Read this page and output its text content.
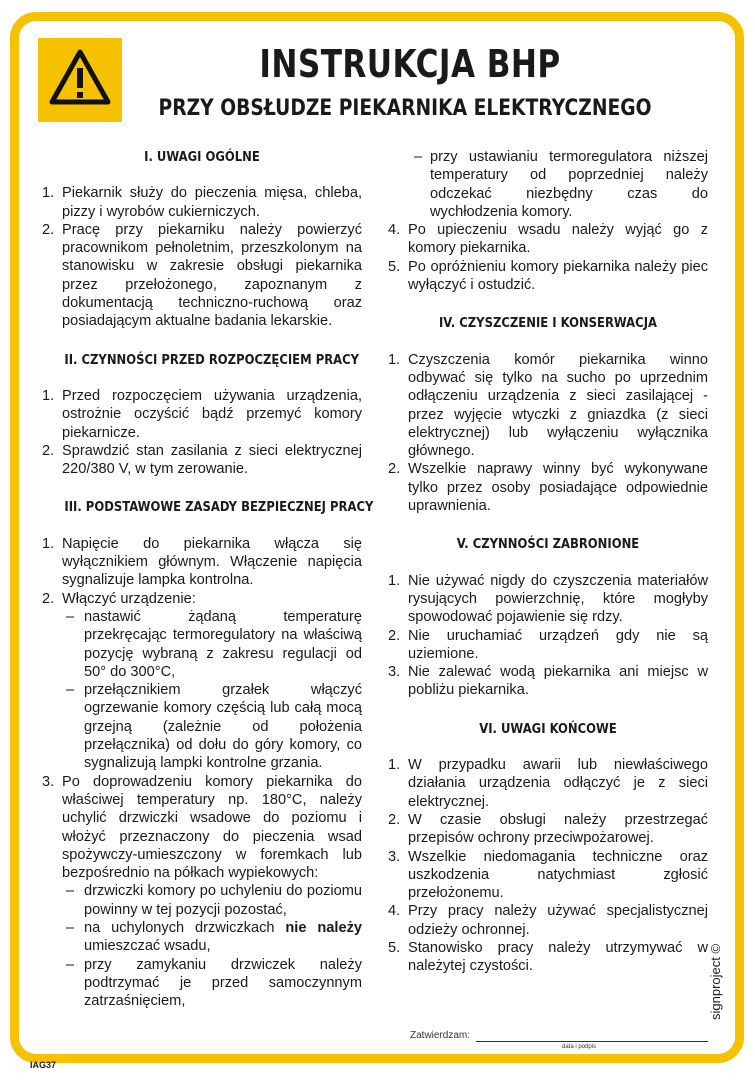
INSTRUKCJA BHP
PRZY OBSŁUDZE PIEKARNIKA ELEKTRYCZNEGO
I. UWAGI OGÓLNE
1. Piekarnik służy do pieczenia mięsa, chleba, pizzy i wyrobów cukierniczych.
2. Pracę przy piekarniku należy powierzyć pracownikom pełnoletnim, przeszkolonym na stanowisku w zakresie obsługi piekarnika przez przełożonego, zapoznanym z dokumentacją techniczno-ruchową oraz posiadającym aktualne badania lekarskie.
II. CZYNNOŚCI PRZED ROZPOCZĘCIEM PRACY
1. Przed rozpoczęciem używania urządzenia, ostrożnie oczyścić bądź przemyć komory piekarnicze.
2. Sprawdzić stan zasilania z sieci elektrycznej 220/380 V, w tym zerowanie.
III. PODSTAWOWE ZASADY BEZPIECZNEJ PRACY
1. Napięcie do piekarnika włącza się wyłącznikiem głównym. Włączenie napięcia sygnalizuje lampka kontrolna.
2. Włączyć urządzenie:
– nastawić żądaną temperaturę przekręcając termoregulatory na właściwą pozycję wybraną z zakresu regulacji od 50° do 300°C,
– przełącznikiem grzałek włączyć ogrzewanie komory częścią lub całą mocą grzejną (zależnie od położenia przełącznika) od dołu do góry komory, co sygnalizują lampki kontrolne grzania.
3. Po doprowadzeniu komory piekarnika do właściwej temperatury np. 180°C, należy uchylić drzwiczki wsadowe do poziomu i włożyć przeznaczony do pieczenia wsad spożywczy-umieszczony w foremkach lub bezpośrednio na półkach wypiekowych:
– drzwiczki komory po uchyleniu do poziomu powinny w tej pozycji pozostać,
– na uchylonych drzwiczkach nie należy umieszczać wsadu,
– przy zamykaniu drzwiczek należy podtrzymać je przed samoczynnym zatrzaśnięciem,
– przy ustawianiu termoregulatora niższej temperatury od poprzedniej należy odczekać niezbędny czas do wychłodzenia komory.
4. Po upieczeniu wsadu należy wyjąć go z komory piekarnika.
5. Po opróżnieniu komory piekarnika należy piec wyłączyć i ostudzić.
IV. CZYSZCZENIE I KONSERWACJA
1. Czyszczenia komór piekarnika winno odbywać się tylko na sucho po uprzednim odłączeniu urządzenia z sieci zasilającej - przez wyjęcie wtyczki z gniazdka (z sieci elektrycznej) lub wyłączeniu wyłącznika głównego.
2. Wszelkie naprawy winny być wykonywane tylko przez osoby posiadające odpowiednie uprawnienia.
V. CZYNNOŚCI ZABRONIONE
1. Nie używać nigdy do czyszczenia materiałów rysujących powierzchnię, które mogłyby spowodować pojawienie się rdzy.
2. Nie uruchamiać urządzeń gdy nie są uziemione.
3. Nie zalewać wodą piekarnika ani miejsc w pobliżu piekarnika.
VI. UWAGI KOŃCOWE
1. W przypadku awarii lub niewłaściwego działania urządzenia odłączyć je z sieci elektrycznej.
2. W czasie obsługi należy przestrzegać przepisów ochrony przeciwpożarowej.
3. Wszelkie niedomagania techniczne oraz uszkodzenia natychmiast zgłosić przełożonemu.
4. Przy pracy należy używać specjalistycznej odzieży ochronnej.
5. Stanowisko pracy należy utrzymywać w należytej czystości.
Zatwierdzam:
data i podpis
IAG37
signproject ©
